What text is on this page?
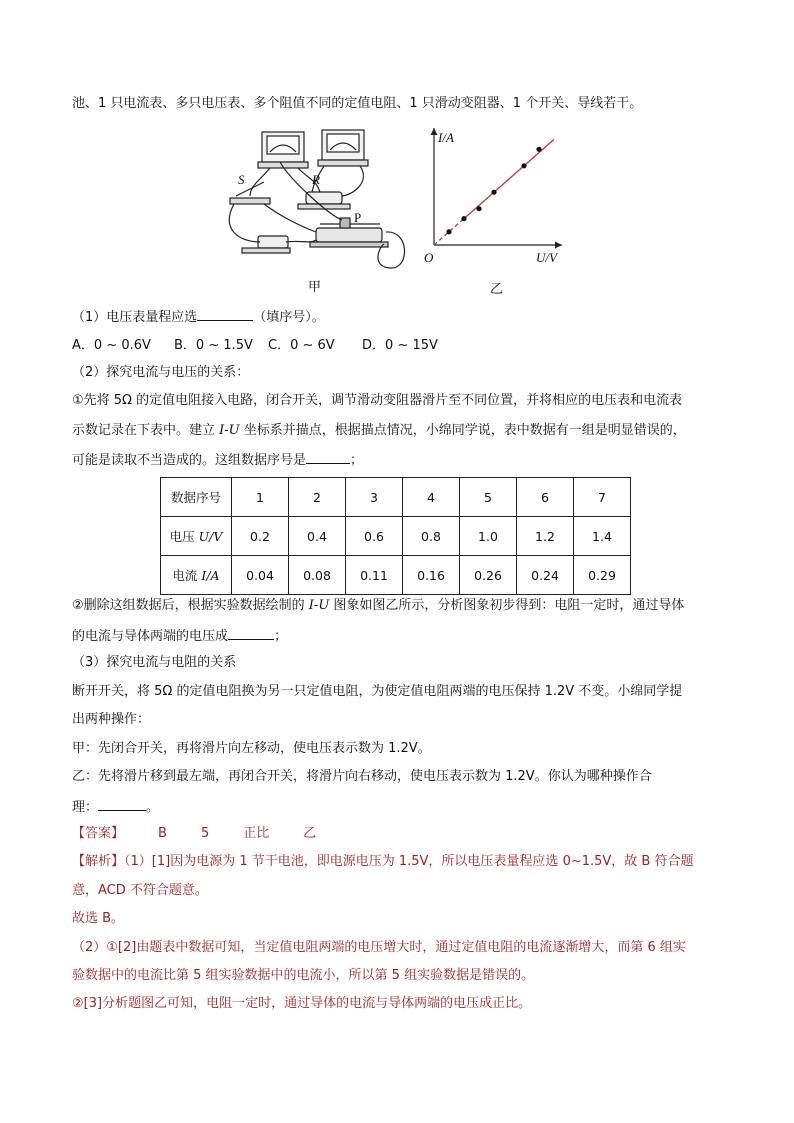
池、1 只电流表、多只电压表、多个阻值不同的定值电阻、1 只滑动变阻器、1 个开关、导线若干。
S	R
P
甲
I/A
U/V
O
乙
（1）电压表量程应选	（填序号）。
A．0 ~ 0.6V B．0 ~ 1.5V C．0 ~ 6V D．0 ~ 15V
（2）探究电流与电压的关系：
①先将 5Ω 的定值电阻接入电路，闭合开关，调节滑动变阻器滑片至不同位置，并将相应的电压表和电流表
示数记录在下表中。建立 I-U 坐标系并描点，根据描点情况，小绵同学说，表中数据有一组是明显错误的，
可能是读取不当造成的。这组数据序号是	；
数据序号	1	2	3	4	5	6	7
电压 U/V	0.2	0.4	0.6	0.8	1.0	1.2	1.4
电流 I/A	0.04	0.08	0.11	0.16	0.26	0.24	0.29
②删除这组数据后，根据实验数据绘制的 I-U 图象如图乙所示，分析图象初步得到：电阻一定时，通过导体
的电流与导体两端的电压成	；
（3）探究电流与电阻的关系
断开开关，将 5Ω 的定值电阻换为另一只定值电阻，为使定值电阻两端的电压保持 1.2V 不变。小绵同学提
出两种操作：
甲：先闭合开关，再将滑片向左移动，使电压表示数为 1.2V。
乙：先将滑片移到最左端，再闭合开关，将滑片向右移动，使电压表示数为 1.2V。你认为哪种操作合
理：	。
【答案】	B	5	正比	乙
【解析】（1）[1]因为电源为 1 节干电池，即电源电压为 1.5V，所以电压表量程应选 0~1.5V，故 B 符合题
意，ACD 不符合题意。
故选 B。
（2）①[2]由题表中数据可知，当定值电阻两端的电压增大时，通过定值电阻的电流逐渐增大，而第 6 组实
验数据中的电流比第 5 组实验数据中的电流小，所以第 5 组实验数据是错误的。
②[3]分析题图乙可知，电阻一定时，通过导体的电流与导体两端的电压成正比。
